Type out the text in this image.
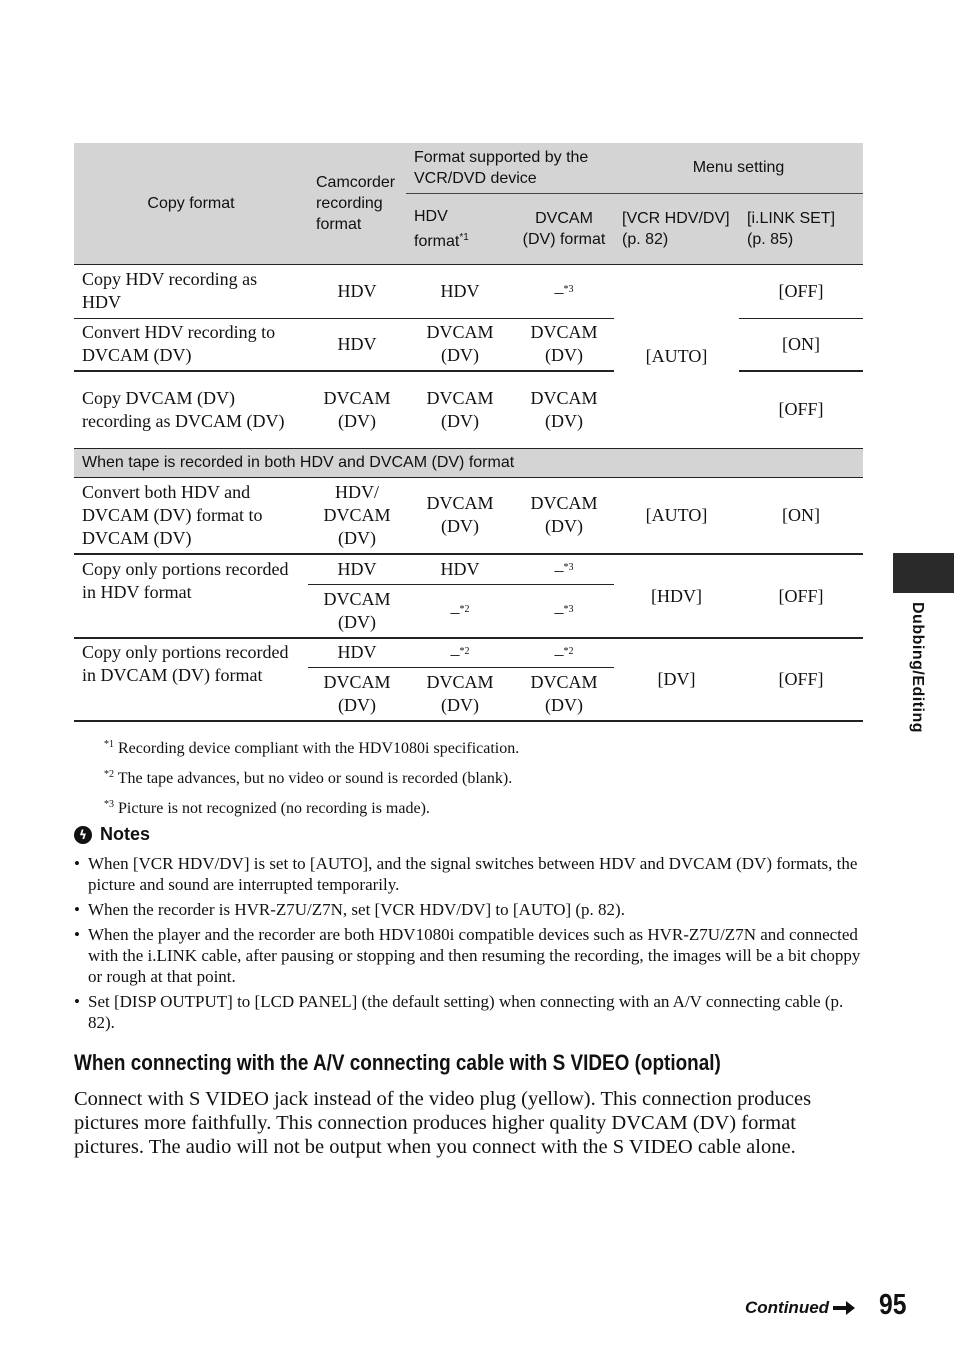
Copy format	Camcorder recording format	Format supported by the VCR/DVD device		Menu setting	
		HDV format$^{*1}$	DVCAM (DV) format	[VCR HDV/DV] (p. 82)	[i.LINK SET] (p. 85)
Copy HDV recording as HDV	HDV	HDV	–$^{*3}$	[AUTO]	[OFF]
Convert HDV recording to DVCAM (DV)	HDV	DVCAM (DV)	DVCAM (DV)		[ON]
Copy DVCAM (DV) recording as DVCAM (DV)	DVCAM (DV)	DVCAM (DV)	DVCAM (DV)		[OFF]
When tape is recorded in both HDV and DVCAM (DV) format					
Convert both HDV and DVCAM (DV) format to DVCAM (DV)	HDV/ DVCAM (DV)	DVCAM (DV)	DVCAM (DV)	[AUTO]	[ON]
Copy only portions recorded in HDV format	HDV	HDV	–$^{*3}$	[HDV]	[OFF]
	DVCAM (DV)	–$^{*2}$	–$^{*3}$
Copy only portions recorded in DVCAM (DV) format	HDV	–$^{*2}$	–$^{*2}$	[DV]	[OFF]
	DVCAM (DV)	DVCAM (DV)	DVCAM (DV)		
$^{*1}$ Recording device compliant with the HDV1080i specification.
$^{*2}$ The tape advances, but no video or sound is recorded (blank).
$^{*3}$ Picture is not recognized (no recording is made).
ϟ Notes
• When [VCR HDV/DV] is set to [AUTO], and the signal switches between HDV and DVCAM (DV) formats, the picture and sound are interrupted temporarily.
• When the recorder is HVR-Z7U/Z7N, set [VCR HDV/DV] to [AUTO] (p. 82).
• When the player and the recorder are both HDV1080i compatible devices such as HVR-Z7U/Z7N and connected with the i.LINK cable, after pausing or stopping and then resuming the recording, the images will be a bit choppy or rough at that point.
• Set [DISP OUTPUT] to [LCD PANEL] (the default setting) when connecting with an A/V connecting cable (p. 82).
When connecting with the A/V connecting cable with S VIDEO (optional)
Connect with S VIDEO jack instead of the video plug (yellow). This connection produces pictures more faithfully. This connection produces higher quality DVCAM (DV) format pictures. The audio will not be output when you connect with the S VIDEO cable alone.
Dubbing/Editing
Continued 95
